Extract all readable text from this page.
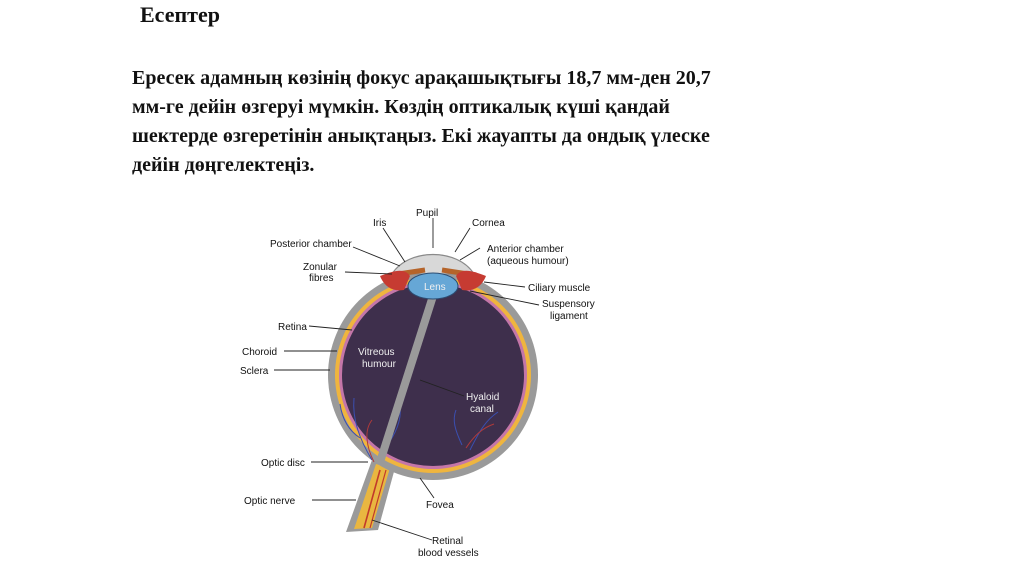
Есептер

Ересек адамның көзінің фокус арақашықтығы 18,7 мм-ден 20,7
мм-ге дейін өзгеруі мүмкін. Көздің оптикалық күші қандай
шектерде өзгеретінін анықтаңыз. Екі жауапты да ондық үлеске
дейін дөңгелектеңіз.

Lens
Vitreous
humour
Hyaloid
canal
Iris
Pupil
Cornea
Posterior chamber
Zonular
fibres
Anterior chamber
(aqueous humour)
Ciliary muscle
Suspensory
ligament
Retina
Choroid
Sclera
Optic disc
Optic nerve	Fovea
Retinal
blood vessels
